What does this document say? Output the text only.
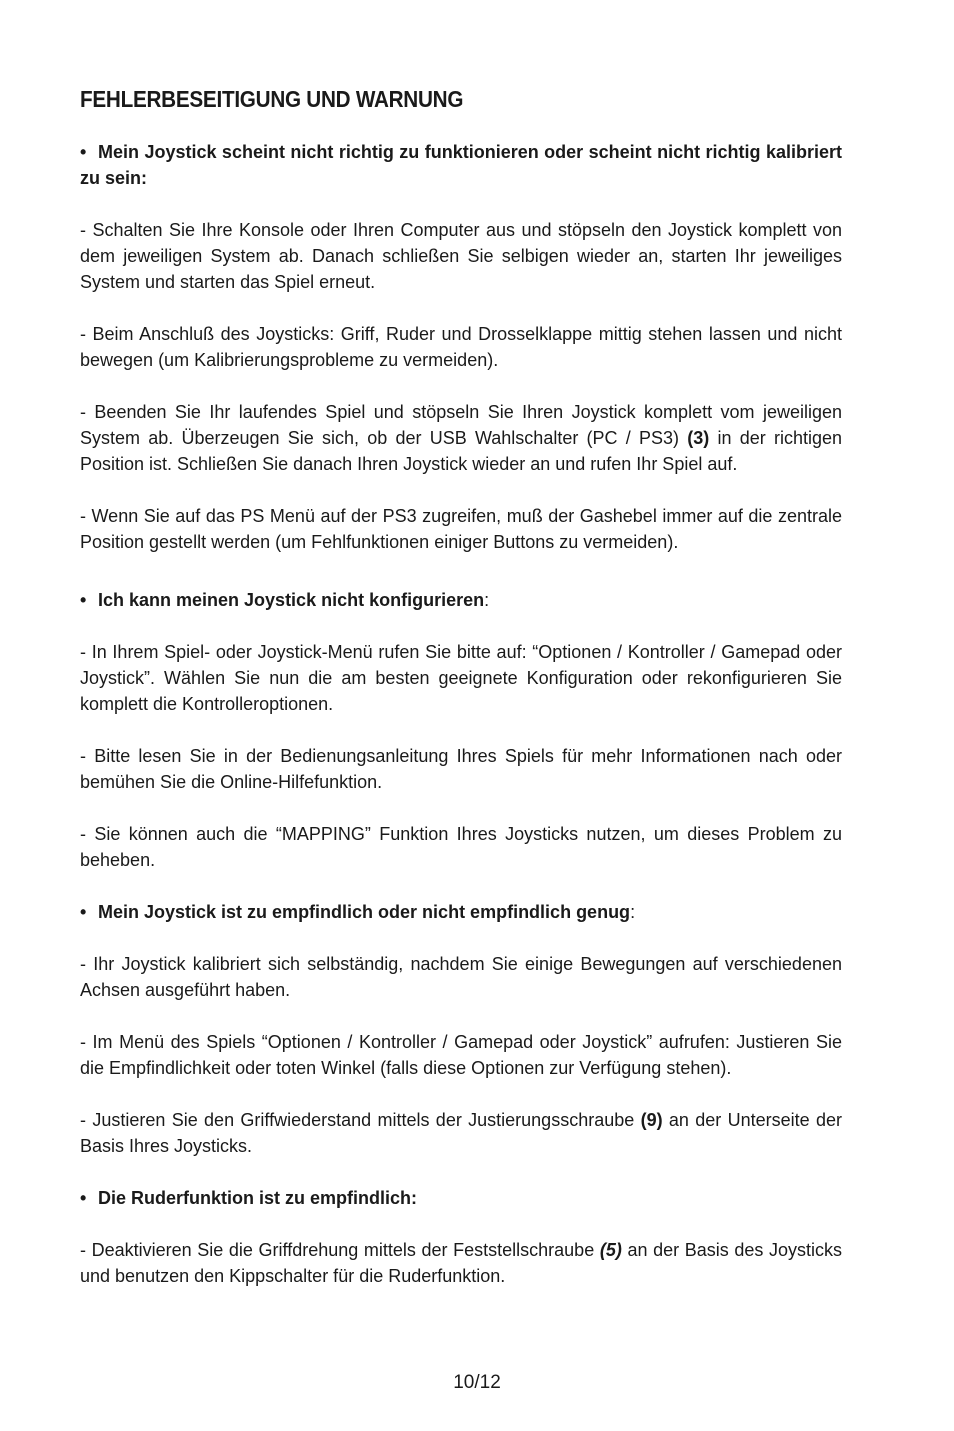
FEHLERBESEITIGUNG UND WARNUNG
• Mein Joystick scheint nicht richtig zu funktionieren oder scheint nicht richtig kalibriert zu sein:
- Schalten Sie Ihre Konsole oder Ihren Computer aus und stöpseln den Joystick komplett von dem jeweiligen System ab. Danach schließen Sie selbigen wieder an, starten Ihr jeweiliges System und starten das Spiel erneut.
- Beim Anschluß des Joysticks: Griff, Ruder und Drosselklappe mittig stehen lassen und nicht bewegen (um Kalibrierungsprobleme zu vermeiden).
- Beenden Sie Ihr laufendes Spiel und stöpseln Sie Ihren Joystick komplett vom jeweiligen System ab. Überzeugen Sie sich, ob der USB Wahlschalter (PC / PS3) (3) in der richtigen Position ist. Schließen Sie danach Ihren Joystick wieder an und rufen Ihr Spiel auf.
- Wenn Sie auf das PS Menü auf der PS3 zugreifen, muß der Gashebel immer auf die zentrale Position gestellt werden (um Fehlfunktionen einiger Buttons zu vermeiden).
• Ich kann meinen Joystick nicht konfigurieren:
- In Ihrem Spiel- oder Joystick-Menü rufen Sie bitte auf: “Optionen / Kontroller / Gamepad oder Joystick”. Wählen Sie nun die am besten geeignete Konfiguration oder rekonfigurieren Sie komplett die Kontrolleroptionen.
- Bitte lesen Sie in der Bedienungsanleitung Ihres Spiels für mehr Informationen nach oder bemühen Sie die Online-Hilfefunktion.
- Sie können auch die “MAPPING” Funktion Ihres Joysticks nutzen, um dieses Problem zu beheben.
• Mein Joystick ist zu empfindlich oder nicht empfindlich genug:
- Ihr Joystick kalibriert sich selbständig, nachdem Sie einige Bewegungen auf verschiedenen Achsen ausgeführt haben.
- Im Menü des Spiels “Optionen / Kontroller / Gamepad oder Joystick” aufrufen: Justieren Sie die Empfindlichkeit oder toten Winkel (falls diese Optionen zur Verfügung stehen).
- Justieren Sie den Griffwiederstand mittels der Justierungsschraube (9) an der Unterseite der Basis Ihres Joysticks.
• Die Ruderfunktion ist zu empfindlich:
- Deaktivieren Sie die Griffdrehung mittels der Feststellschraube (5) an der Basis des Joysticks und benutzen den Kippschalter für die Ruderfunktion.
10/12
